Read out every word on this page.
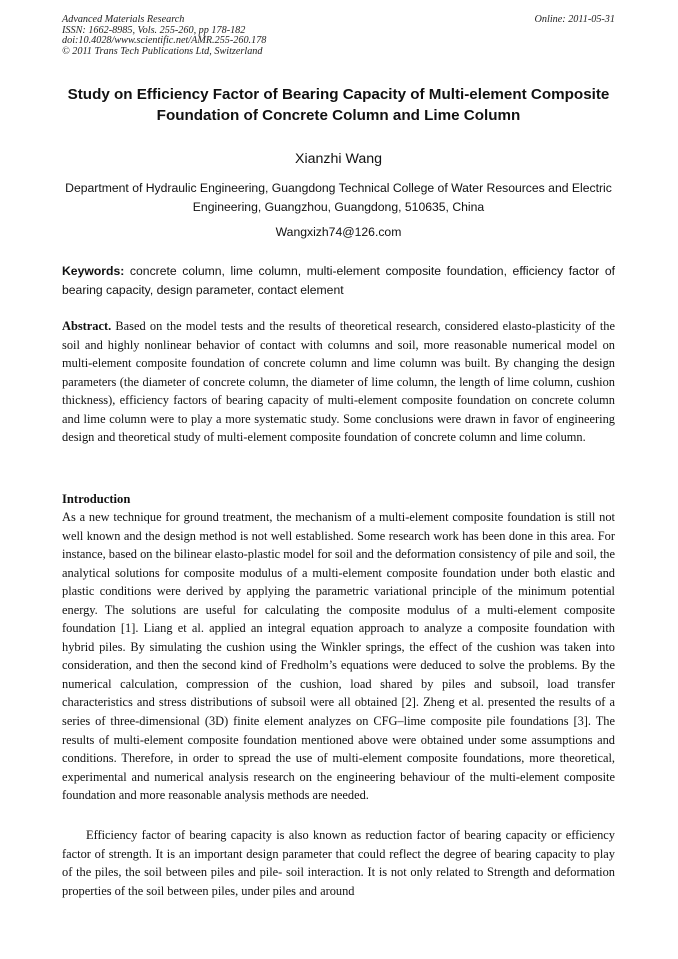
Advanced Materials Research
ISSN: 1662-8985, Vols. 255-260, pp 178-182
doi:10.4028/www.scientific.net/AMR.255-260.178
© 2011 Trans Tech Publications Ltd, Switzerland
Online: 2011-05-31
Study on Efficiency Factor of Bearing Capacity of Multi-element Composite Foundation of Concrete Column and Lime Column
Xianzhi Wang
Department of Hydraulic Engineering, Guangdong Technical College of Water Resources and Electric Engineering, Guangzhou, Guangdong, 510635, China
Wangxizh74@126.com
Keywords: concrete column, lime column, multi-element composite foundation, efficiency factor of bearing capacity, design parameter, contact element
Abstract. Based on the model tests and the results of theoretical research, considered elasto-plasticity of the soil and highly nonlinear behavior of contact with columns and soil, more reasonable numerical model on multi-element composite foundation of concrete column and lime column was built. By changing the design parameters (the diameter of concrete column, the diameter of lime column, the length of lime column, cushion thickness), efficiency factors of bearing capacity of multi-element composite foundation on concrete column and lime column were to play a more systematic study. Some conclusions were drawn in favor of engineering design and theoretical study of multi-element composite foundation of concrete column and lime column.
Introduction
As a new technique for ground treatment, the mechanism of a multi-element composite foundation is still not well known and the design method is not well established. Some research work has been done in this area. For instance, based on the bilinear elasto-plastic model for soil and the deformation consistency of pile and soil, the analytical solutions for composite modulus of a multi-element composite foundation under both elastic and plastic conditions were derived by applying the parametric variational principle of the minimum potential energy. The solutions are useful for calculating the composite modulus of a multi-element composite foundation [1]. Liang et al. applied an integral equation approach to analyze a composite foundation with hybrid piles. By simulating the cushion using the Winkler springs, the effect of the cushion was taken into consideration, and then the second kind of Fredholm’s equations were deduced to solve the problems. By the numerical calculation, compression of the cushion, load shared by piles and subsoil, load transfer characteristics and stress distributions of subsoil were all obtained [2]. Zheng et al. presented the results of a series of three-dimensional (3D) finite element analyzes on CFG–lime composite pile foundations [3]. The results of multi-element composite foundation mentioned above were obtained under some assumptions and conditions. Therefore, in order to spread the use of multi-element composite foundations, more theoretical, experimental and numerical analysis research on the engineering behaviour of the multi-element composite foundation and more reasonable analysis methods are needed.
Efficiency factor of bearing capacity is also known as reduction factor of bearing capacity or efficiency factor of strength. It is an important design parameter that could reflect the degree of bearing capacity to play of the piles, the soil between piles and pile- soil interaction. It is not only related to Strength and deformation properties of the soil between piles, under piles and around
